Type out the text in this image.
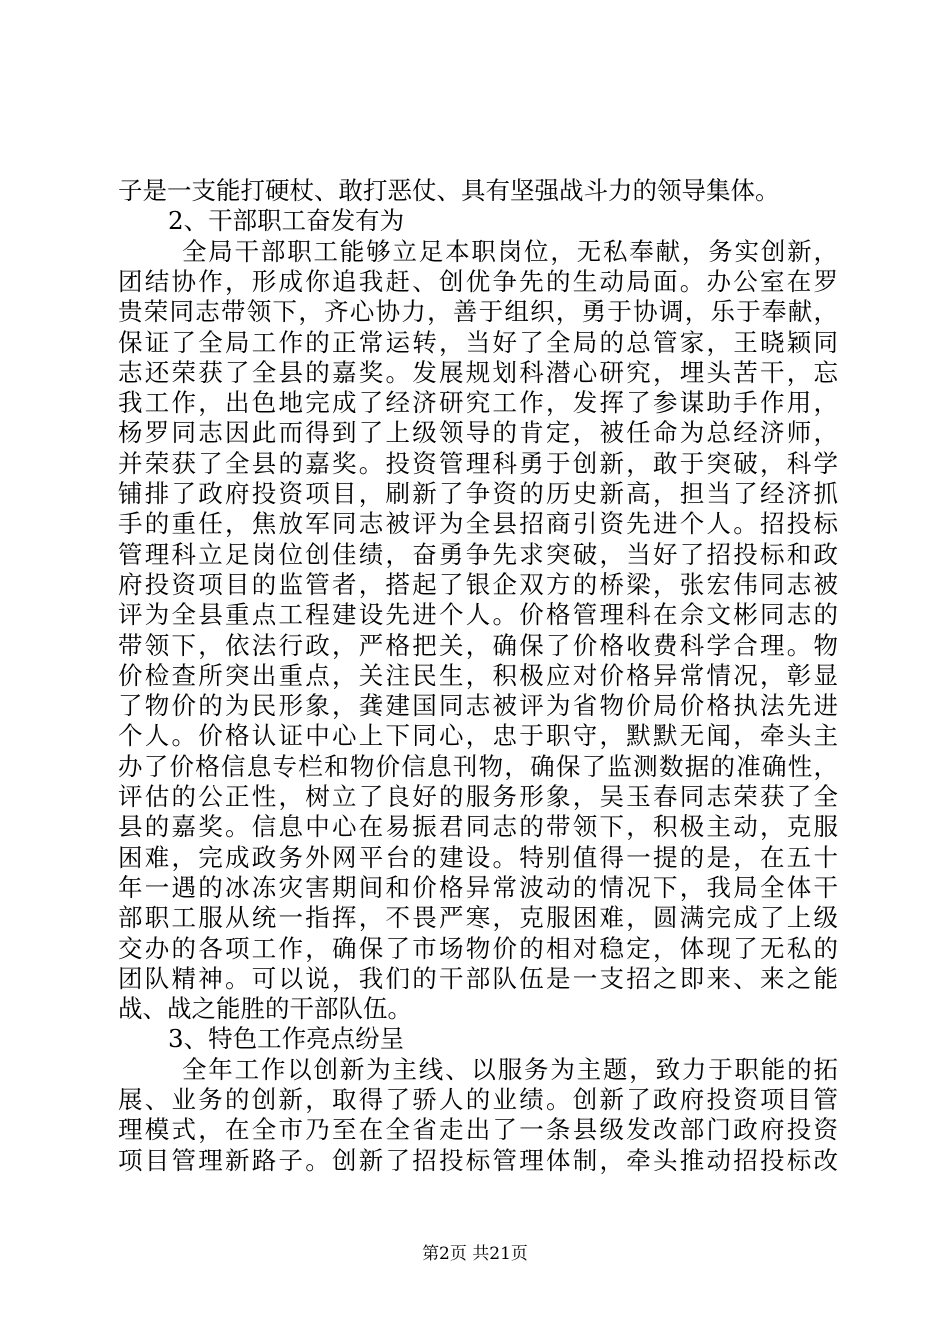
子是一支能打硬杖、敢打恶仗、具有坚强战斗力的领导集体。
2、干部职工奋发有为
全局干部职工能够立足本职岗位，无私奉献，务实创新，
团结协作，形成你追我赶、创优争先的生动局面。办公室在罗
贵荣同志带领下，齐心协力，善于组织，勇于协调，乐于奉献，
保证了全局工作的正常运转，当好了全局的总管家，王晓颖同
志还荣获了全县的嘉奖。发展规划科潜心研究，埋头苦干，忘
我工作，出色地完成了经济研究工作，发挥了参谋助手作用，
杨罗同志因此而得到了上级领导的肯定，被任命为总经济师，
并荣获了全县的嘉奖。投资管理科勇于创新，敢于突破，科学
铺排了政府投资项目，刷新了争资的历史新高，担当了经济抓
手的重任，焦放军同志被评为全县招商引资先进个人。招投标
管理科立足岗位创佳绩，奋勇争先求突破，当好了招投标和政
府投资项目的监管者，搭起了银企双方的桥梁，张宏伟同志被
评为全县重点工程建设先进个人。价格管理科在佘文彬同志的
带领下，依法行政，严格把关，确保了价格收费科学合理。物
价检查所突出重点，关注民生，积极应对价格异常情况，彰显
了物价的为民形象，龚建国同志被评为省物价局价格执法先进
个人。价格认证中心上下同心，忠于职守，默默无闻，牵头主
办了价格信息专栏和物价信息刊物，确保了监测数据的准确性，
评估的公正性，树立了良好的服务形象，吴玉春同志荣获了全
县的嘉奖。信息中心在易振君同志的带领下，积极主动，克服
困难，完成政务外网平台的建设。特别值得一提的是，在五十
年一遇的冰冻灾害期间和价格异常波动的情况下，我局全体干
部职工服从统一指挥，不畏严寒，克服困难，圆满完成了上级
交办的各项工作，确保了市场物价的相对稳定，体现了无私的
团队精神。可以说，我们的干部队伍是一支招之即来、来之能
战、战之能胜的干部队伍。
3、特色工作亮点纷呈
全年工作以创新为主线、以服务为主题，致力于职能的拓
展、业务的创新，取得了骄人的业绩。创新了政府投资项目管
理模式，在全市乃至在全省走出了一条县级发改部门政府投资
项目管理新路子。创新了招投标管理体制，牵头推动招投标改
第2页 共21页
